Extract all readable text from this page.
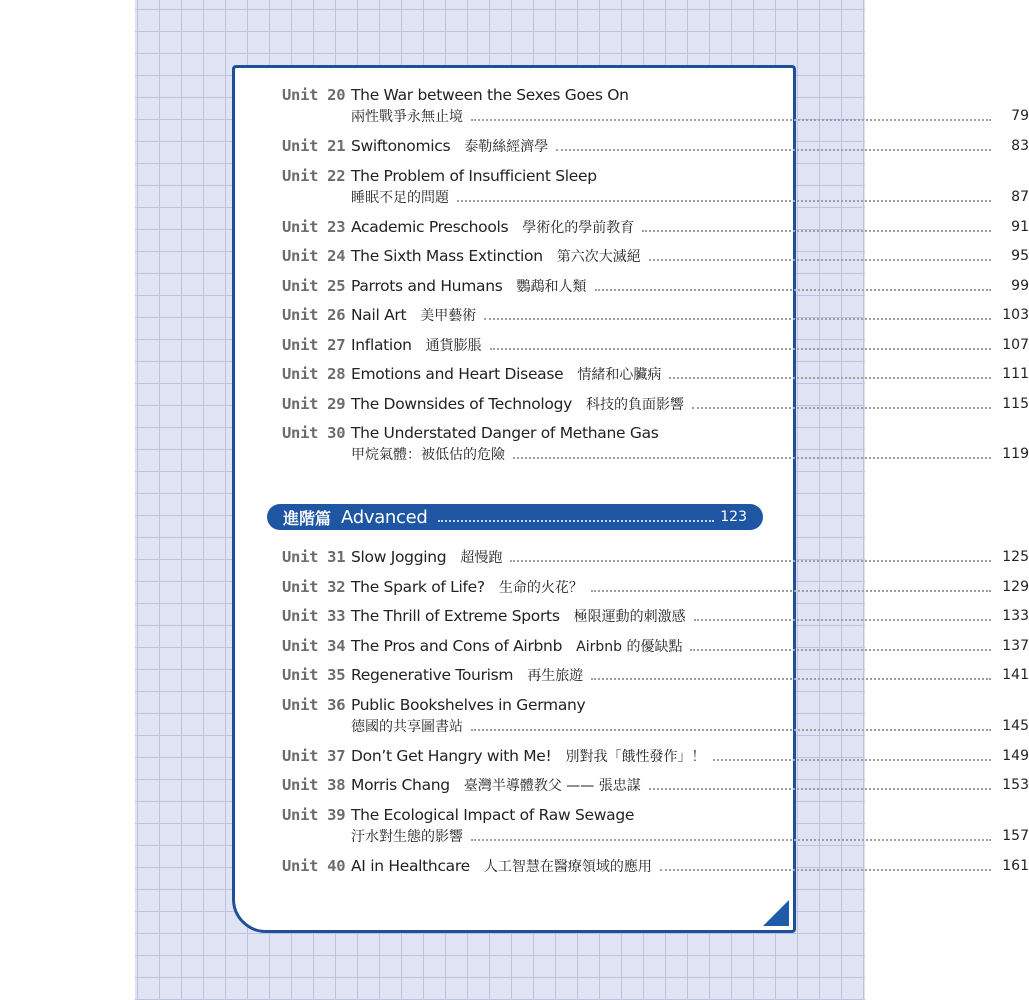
Unit 20 The War between the Sexes Goes On
兩性戰爭永無止境	79
Unit 21 Swiftonomics 泰勒絲經濟學	83
Unit 22 The Problem of Insufficient Sleep
睡眠不足的問題	87
Unit 23 Academic Preschools 學術化的學前教育	91
Unit 24 The Sixth Mass Extinction 第六次大滅絕	95
Unit 25 Parrots and Humans 鸚鵡和人類	99
Unit 26 Nail Art 美甲藝術	103
Unit 27 Inflation 通貨膨脹	107
Unit 28 Emotions and Heart Disease 情緒和心臟病	111
Unit 29 The Downsides of Technology 科技的負面影響	115
Unit 30 The Understated Danger of Methane Gas
甲烷氣體：被低估的危險	119
進階篇 Advanced	123
Unit 31 Slow Jogging 超慢跑	125
Unit 32 The Spark of Life? 生命的火花？	129
Unit 33 The Thrill of Extreme Sports 極限運動的刺激感	133
Unit 34 The Pros and Cons of Airbnb Airbnb 的優缺點	137
Unit 35 Regenerative Tourism 再生旅遊	141
Unit 36 Public Bookshelves in Germany
德國的共享圖書站	145
Unit 37 Don’t Get Hangry with Me! 別對我「餓性發作」！	149
Unit 38 Morris Chang 臺灣半導體教父 —— 張忠謀	153
Unit 39 The Ecological Impact of Raw Sewage
汙水對生態的影響	157
Unit 40 AI in Healthcare 人工智慧在醫療領域的應用	161
